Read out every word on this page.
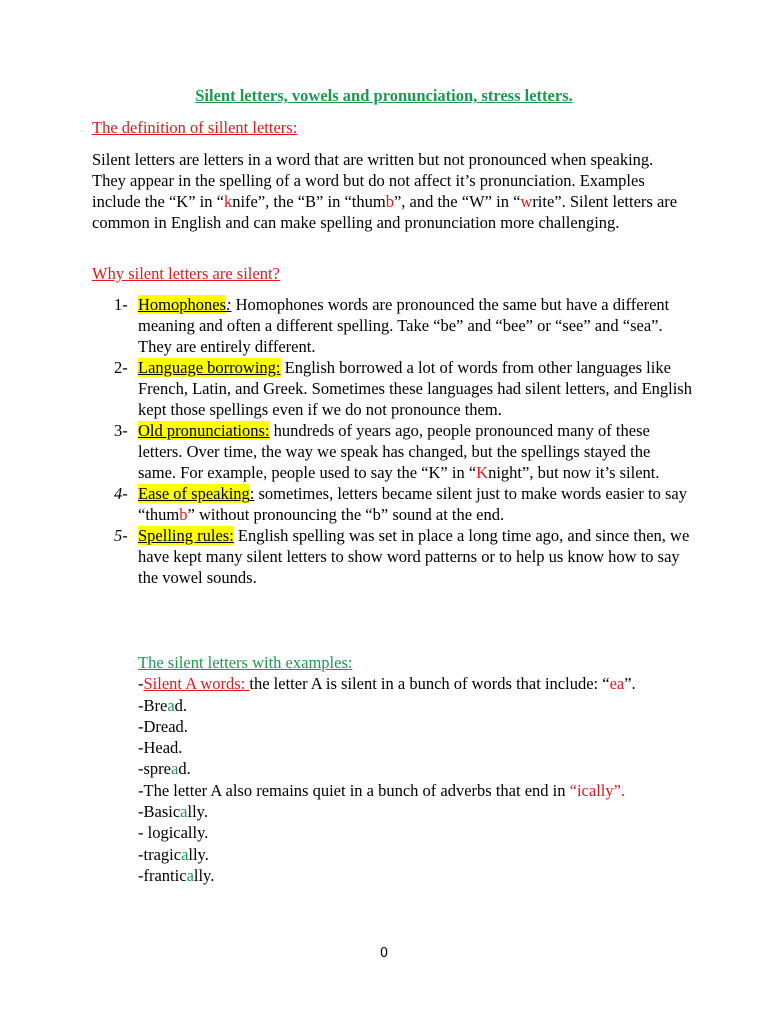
Silent letters, vowels and pronunciation, stress letters.
The definition of sillent letters:
Silent letters are letters in a word that are written but not pronounced when speaking. They appear in the spelling of a word but do not affect it’s pronunciation. Examples include the “K” in “knife”, the “B” in “thumb”, and the “W” in “write”. Silent letters are common in English and can make spelling and pronunciation more challenging.
Why silent letters are silent?
1- Homophones: Homophones words are pronounced the same but have a different meaning and often a different spelling. Take “be” and “bee” or “see” and “sea”. They are entirely different.
2- Language borrowing: English borrowed a lot of words from other languages like French, Latin, and Greek. Sometimes these languages had silent letters, and English kept those spellings even if we do not pronounce them.
3- Old pronunciations: hundreds of years ago, people pronounced many of these letters. Over time, the way we speak has changed, but the spellings stayed the same. For example, people used to say the “K” in “Knight”, but now it’s silent.
4- Ease of speaking: sometimes, letters became silent just to make words easier to say “thumb” without pronouncing the “b” sound at the end.
5- Spelling rules: English spelling was set in place a long time ago, and since then, we have kept many silent letters to show word patterns or to help us know how to say the vowel sounds.
The silent letters with examples:
-Silent A words: the letter A is silent in a bunch of words that include: “ea”.
-Bread.
-Dread.
-Head.
-spread.
-The letter A also remains quiet in a bunch of adverbs that end in “ically”.
-Basically.
- logically.
-tragically.
-frantically.
0
